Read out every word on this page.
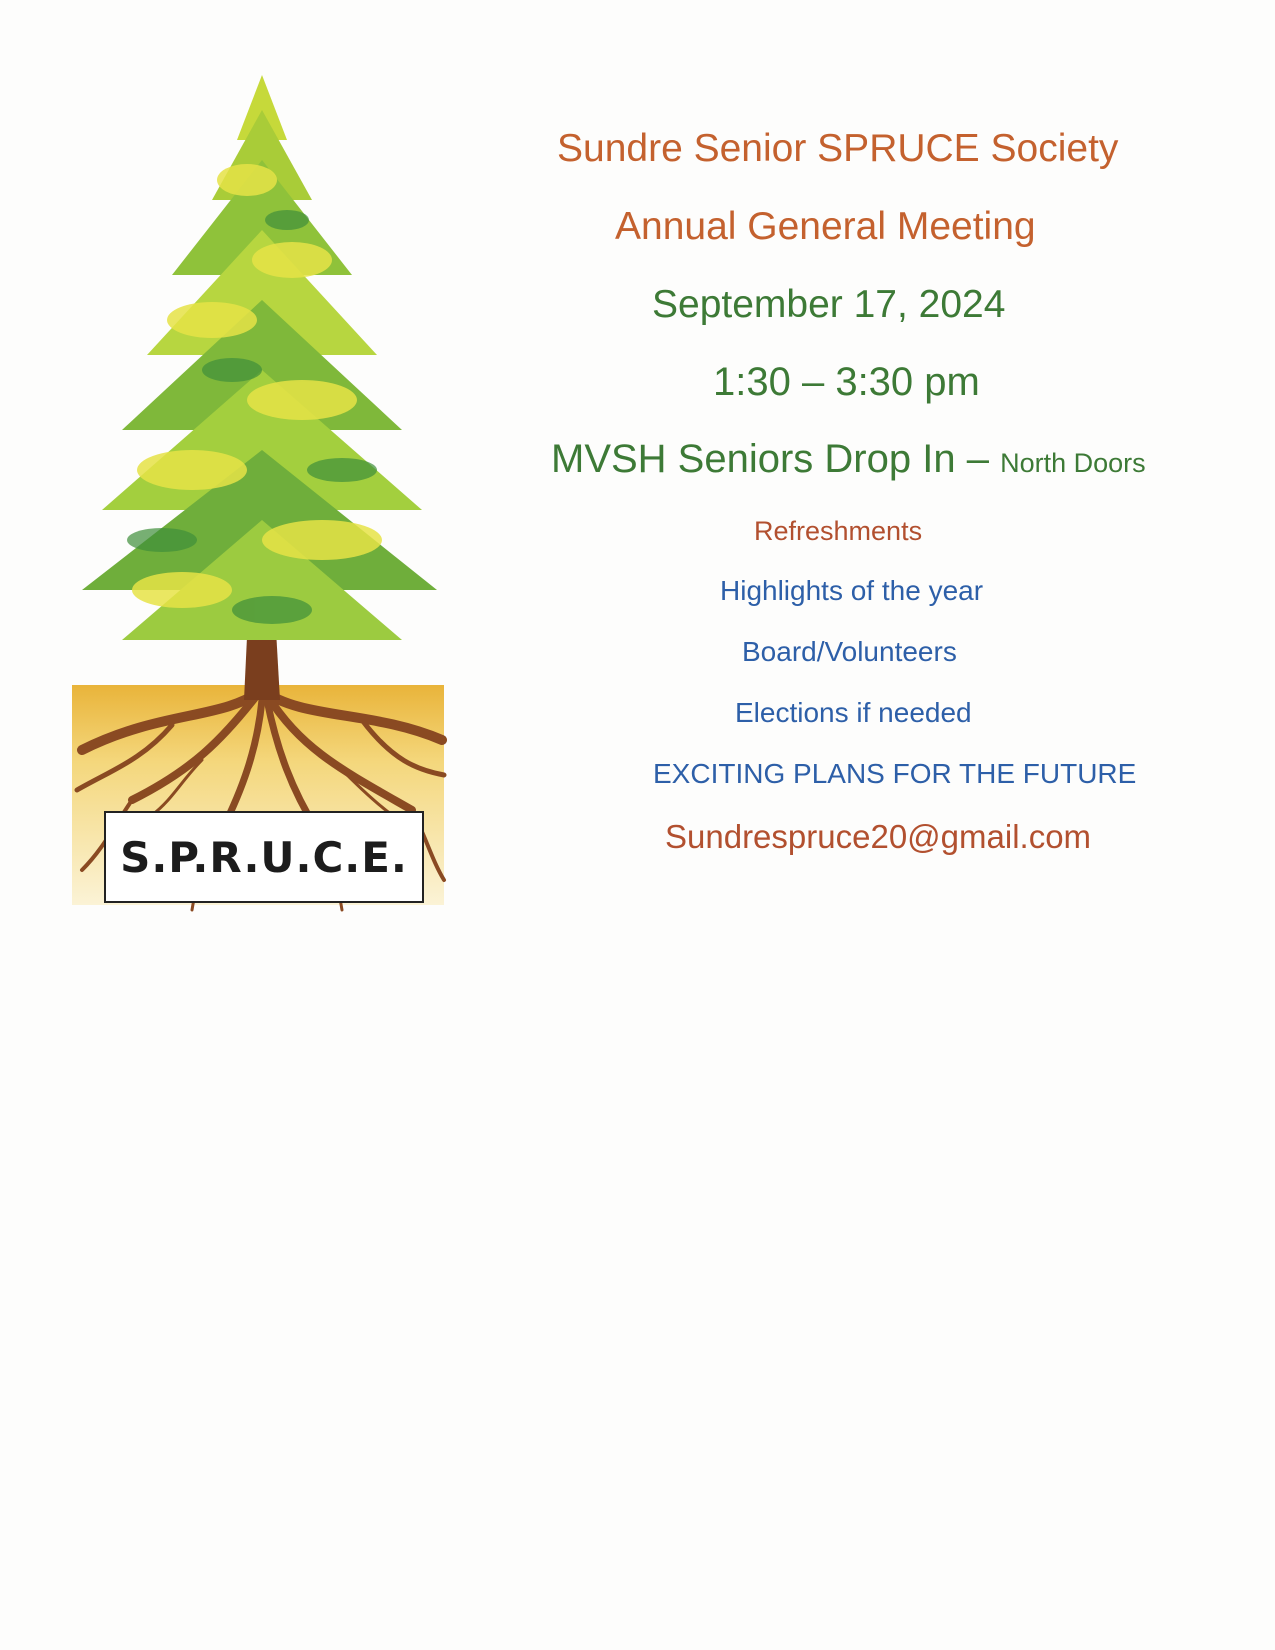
S.P.R.U.C.E.
Sundre Senior SPRUCE Society
Annual General Meeting
September 17, 2024
1:30 – 3:30 pm
MVSH Seniors Drop In – North Doors
Refreshments
Highlights of the year
Board/Volunteers
Elections if needed
EXCITING PLANS FOR THE FUTURE
Sundrespruce20@gmail.com
